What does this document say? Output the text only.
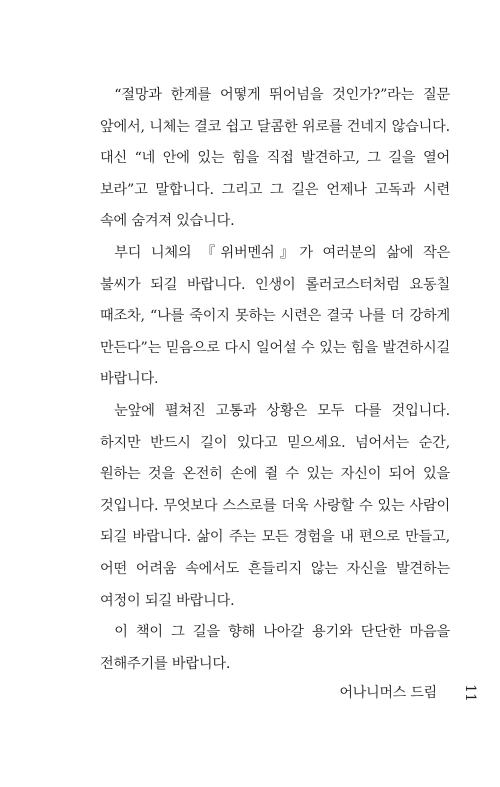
“절망과 한계를 어떻게 뛰어넘을 것인가?”라는 질문 앞에서, 니체는 결코 쉽고 달콤한 위로를 건네지 않습니다. 대신 “네 안에 있는 힘을 직접 발견하고, 그 길을 열어 보라”고 말합니다. 그리고 그 길은 언제나 고독과 시련 속에 숨겨져 있습니다.

부디 니체의 『위버멘쉬』가 여러분의 삶에 작은 불씨가 되길 바랍니다. 인생이 롤러코스터처럼 요동칠 때조차, “나를 죽이지 못하는 시련은 결국 나를 더 강하게 만든다”는 믿음으로 다시 일어설 수 있는 힘을 발견하시길 바랍니다.

눈앞에 펼쳐진 고통과 상황은 모두 다를 것입니다. 하지만 반드시 길이 있다고 믿으세요. 넘어서는 순간, 원하는 것을 온전히 손에 쥘 수 있는 자신이 되어 있을 것입니다. 무엇보다 스스로를 더욱 사랑할 수 있는 사람이 되길 바랍니다. 삶이 주는 모든 경험을 내 편으로 만들고, 어떤 어려움 속에서도 흔들리지 않는 자신을 발견하는 여정이 되길 바랍니다.

이 책이 그 길을 향해 나아갈 용기와 단단한 마음을 전해주기를 바랍니다.

어나니머스 드림 11
